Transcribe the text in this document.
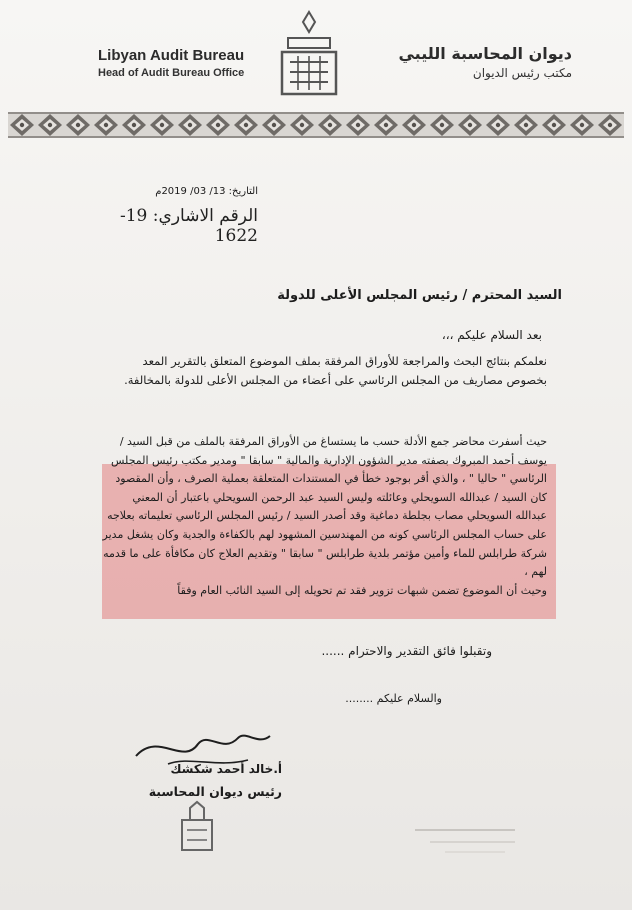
Libyan Audit Bureau
Head of Audit Bureau Office
ديوان المحاسبة الليبي
مكتب رئيس الديوان
التاريخ: 13/ 03/ 2019م
الرقم الاشاري: 19-1622
السيد المحترم / رئيس المجلس الأعلى للدولة
بعد السلام عليكم ،،،
نعلمكم بنتائج البحث والمراجعة للأوراق المرفقة بملف الموضوع المتعلق بالتقرير المعد بخصوص مصاريف من المجلس الرئاسي على أعضاء من المجلس الأعلى للدولة بالمخالفة.
حيث أسفرت محاضر جمع الأدلة حسب ما يستساغ من الأوراق المرفقة بالملف من قبل السيد / يوسف أحمد المبروك بصفته مدير الشؤون الإدارية والمالية " سابقا " ومدير مكتب رئيس المجلس الرئاسي " حاليا " ، والذي أقر بوجود خطأ في المستندات المتعلقة بعملية الصرف ، وأن المقصود كان السيد / عبدالله السويحلي وعائلته وليس السيد عبد الرحمن السويحلي باعتبار أن المعني عبدالله السويحلي مصاب بجلطة دماغية وقد أصدر السيد / رئيس المجلس الرئاسي تعليماته بعلاجه على حساب المجلس الرئاسي كونه من المهندسين المشهود لهم بالكفاءة والجدية وكان يشغل مدير شركة طرابلس للماء وأمين مؤتمر بلدية طرابلس " سابقا " وتقديم العلاج كان مكافأة على ما قدمه لهم ،
وحيث أن الموضوع تضمن شبهات تزوير فقد تم تحويله إلى السيد النائب العام وفقاً
وتقبلوا فائق التقدير والاحترام ......
والسلام عليكم ........
أ.خالد أحمد شكشك
رئيس ديوان المحاسبة
